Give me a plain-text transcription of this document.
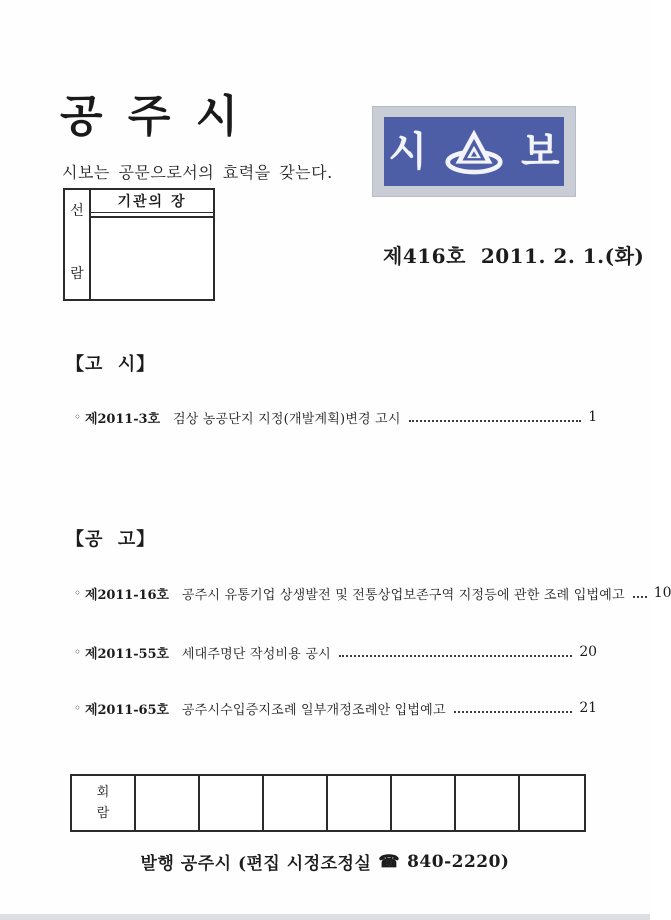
공 주 시
시보는 공문으로서의 효력을 갖는다.
선
람
기관의 장
시 보
제416호  2011. 2. 1.(화)
【고  시】
◦ 제2011-3호 검상 농공단지 지정(개발계획)변경 고시	1
【공  고】
◦ 제2011-16호 공주시 유통기업 상생발전 및 전통상업보존구역 지정등에 관한 조례 입법예고 10
◦ 제2011-55호 세대주명단 작성비용 공시	20
◦ 제2011-65호 공주시수입증지조례 일부개정조례안 입법예고	21
회
람
발행 공주시 (편집 시정조정실 ☎ 840-2220)
